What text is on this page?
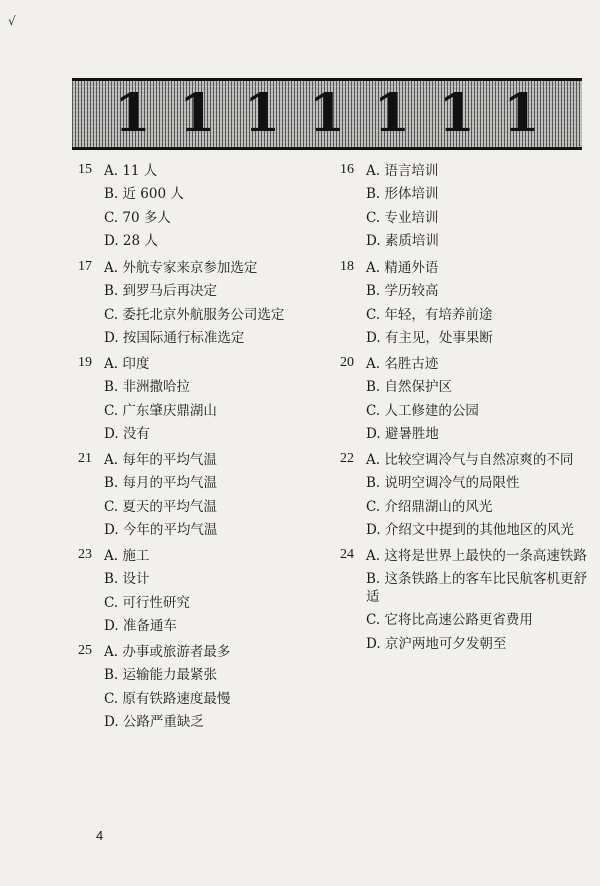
√
1 1 1 1 1 1 1
15 A. 11 人
B. 近 600 人
C. 70 多人
D. 28 人
16 A. 语言培训
B. 形体培训
C. 专业培训
D. 素质培训
17 A. 外航专家来京参加选定
B. 到罗马后再决定
C. 委托北京外航服务公司选定
D. 按国际通行标准选定
18 A. 精通外语
B. 学历较高
C. 年轻，有培养前途
D. 有主见，处事果断
19 A. 印度
B. 非洲撒哈拉
C. 广东肇庆鼎湖山
D. 没有
20 A. 名胜古迹
B. 自然保护区
C. 人工修建的公园
D. 避暑胜地
21 A. 每年的平均气温
B. 每月的平均气温
C. 夏天的平均气温
D. 今年的平均气温
22 A. 比较空调冷气与自然凉爽的不同
B. 说明空调冷气的局限性
C. 介绍鼎湖山的风光
D. 介绍文中提到的其他地区的风光
23 A. 施工
B. 设计
C. 可行性研究
D. 准备通车
24 A. 这将是世界上最快的一条高速铁路
B. 这条铁路上的客车比民航客机更舒适
C. 它将比高速公路更省费用
D. 京沪两地可夕发朝至
25 A. 办事或旅游者最多
B. 运输能力最紧张
C. 原有铁路速度最慢
D. 公路严重缺乏
4
